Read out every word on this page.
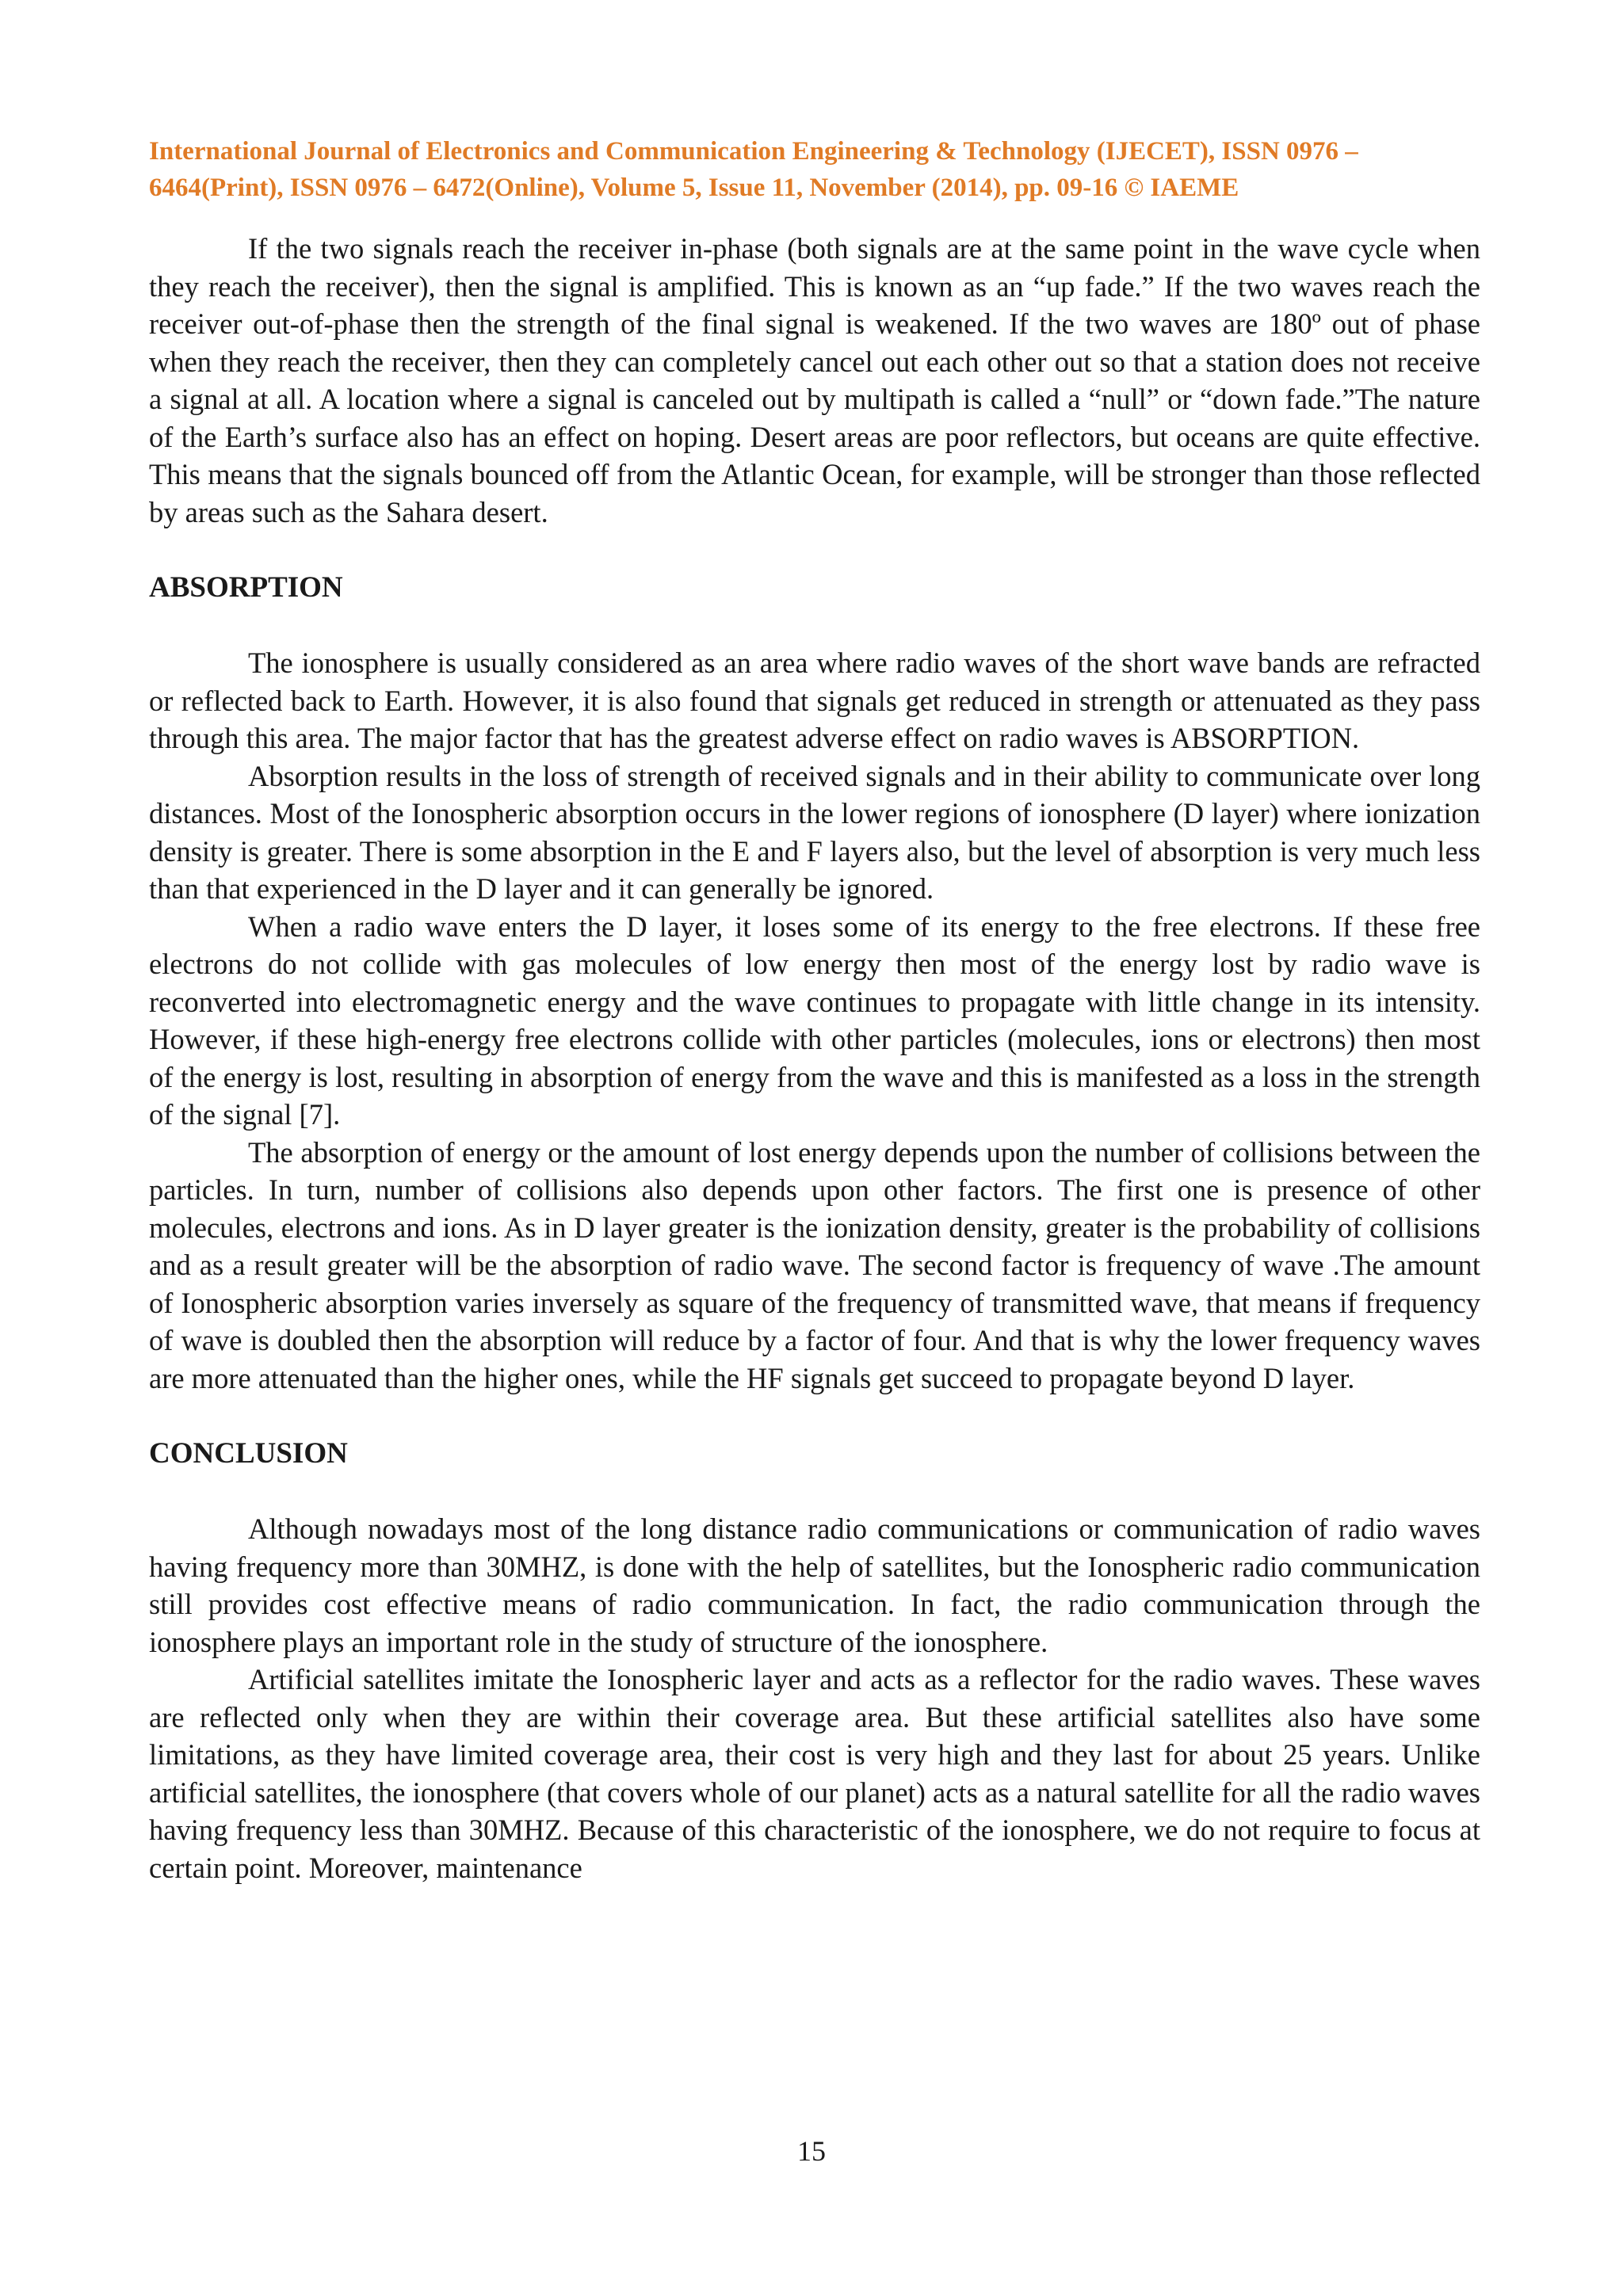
International Journal of Electronics and Communication Engineering & Technology (IJECET), ISSN 0976 –
6464(Print), ISSN 0976 – 6472(Online), Volume 5, Issue 11, November (2014), pp. 09-16 © IAEME

If the two signals reach the receiver in-phase (both signals are at the same point in the wave cycle when they reach the receiver), then the signal is amplified. This is known as an “up fade.” If the two waves reach the receiver out-of-phase then the strength of the final signal is weakened. If the two waves are 180º out of phase when they reach the receiver, then they can completely cancel out each other out so that a station does not receive a signal at all. A location where a signal is canceled out by multipath is called a “null” or “down fade.”The nature of the Earth’s surface also has an effect on hoping. Desert areas are poor reflectors, but oceans are quite effective. This means that the signals bounced off from the Atlantic Ocean, for example, will be stronger than those reflected by areas such as the Sahara desert.

ABSORPTION

The ionosphere is usually considered as an area where radio waves of the short wave bands are refracted or reflected back to Earth. However, it is also found that signals get reduced in strength or attenuated as they pass through this area. The major factor that has the greatest adverse effect on radio waves is ABSORPTION.

Absorption results in the loss of strength of received signals and in their ability to communicate over long distances. Most of the Ionospheric absorption occurs in the lower regions of ionosphere (D layer) where ionization density is greater. There is some absorption in the E and F layers also, but the level of absorption is very much less than that experienced in the D layer and it can generally be ignored.

When a radio wave enters the D layer, it loses some of its energy to the free electrons. If these free electrons do not collide with gas molecules of low energy then most of the energy lost by radio wave is reconverted into electromagnetic energy and the wave continues to propagate with little change in its intensity. However, if these high-energy free electrons collide with other particles (molecules, ions or electrons) then most of the energy is lost, resulting in absorption of energy from the wave and this is manifested as a loss in the strength of the signal [7].

The absorption of energy or the amount of lost energy depends upon the number of collisions between the particles. In turn, number of collisions also depends upon other factors. The first one is presence of other molecules, electrons and ions. As in D layer greater is the ionization density, greater is the probability of collisions and as a result greater will be the absorption of radio wave. The second factor is frequency of wave .The amount of Ionospheric absorption varies inversely as square of the frequency of transmitted wave, that means if frequency of wave is doubled then the absorption will reduce by a factor of four. And that is why the lower frequency waves are more attenuated than the higher ones, while the HF signals get succeed to propagate beyond D layer.

CONCLUSION

Although nowadays most of the long distance radio communications or communication of radio waves having frequency more than 30MHZ, is done with the help of satellites, but the Ionospheric radio communication still provides cost effective means of radio communication. In fact, the radio communication through the ionosphere plays an important role in the study of structure of the ionosphere.

Artificial satellites imitate the Ionospheric layer and acts as a reflector for the radio waves. These waves are reflected only when they are within their coverage area. But these artificial satellites also have some limitations, as they have limited coverage area, their cost is very high and they last for about 25 years. Unlike artificial satellites, the ionosphere (that covers whole of our planet) acts as a natural satellite for all the radio waves having frequency less than 30MHZ. Because of this characteristic of the ionosphere, we do not require to focus at certain point. Moreover, maintenance

15
